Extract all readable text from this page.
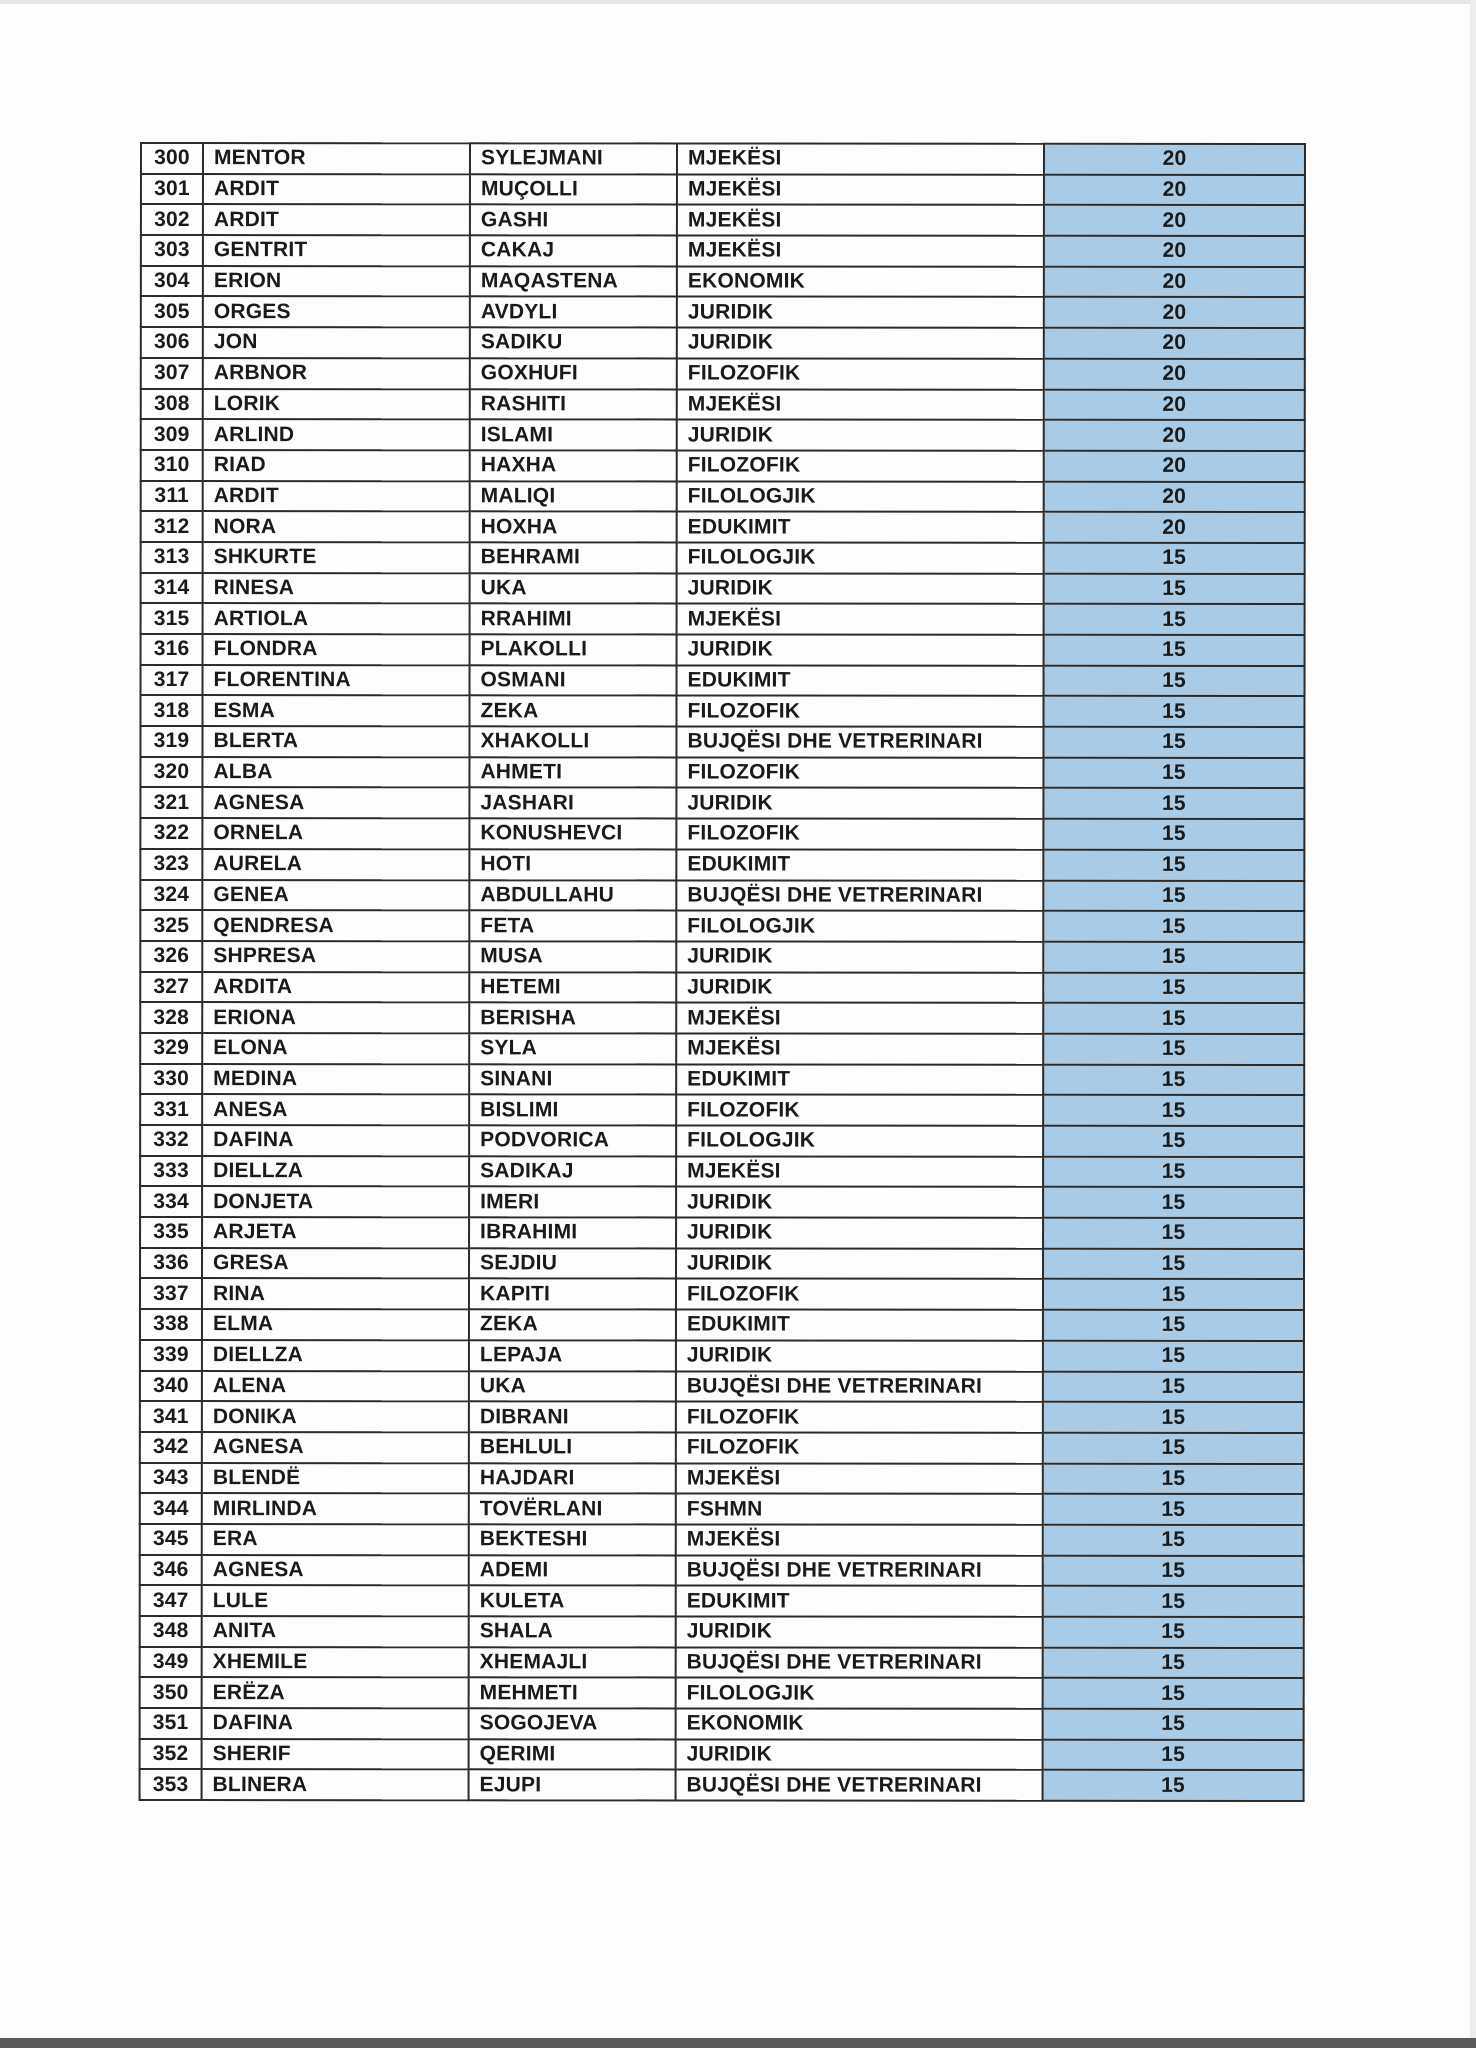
300	MENTOR	SYLEJMANI	MJEKËSI	20
301	ARDIT	MUÇOLLI	MJEKËSI	20
302	ARDIT	GASHI	MJEKËSI	20
303	GENTRIT	CAKAJ	MJEKËSI	20
304	ERION	MAQASTENA	EKONOMIK	20
305	ORGES	AVDYLI	JURIDIK	20
306	JON	SADIKU	JURIDIK	20
307	ARBNOR	GOXHUFI	FILOZOFIK	20
308	LORIK	RASHITI	MJEKËSI	20
309	ARLIND	ISLAMI	JURIDIK	20
310	RIAD	HAXHA	FILOZOFIK	20
311	ARDIT	MALIQI	FILOLOGJIK	20
312	NORA	HOXHA	EDUKIMIT	20
313	SHKURTE	BEHRAMI	FILOLOGJIK	15
314	RINESA	UKA	JURIDIK	15
315	ARTIOLA	RRAHIMI	MJEKËSI	15
316	FLONDRA	PLAKOLLI	JURIDIK	15
317	FLORENTINA	OSMANI	EDUKIMIT	15
318	ESMA	ZEKA	FILOZOFIK	15
319	BLERTA	XHAKOLLI	BUJQËSI DHE VETRERINARI	15
320	ALBA	AHMETI	FILOZOFIK	15
321	AGNESA	JASHARI	JURIDIK	15
322	ORNELA	KONUSHEVCI	FILOZOFIK	15
323	AURELA	HOTI	EDUKIMIT	15
324	GENEA	ABDULLAHU	BUJQËSI DHE VETRERINARI	15
325	QENDRESA	FETA	FILOLOGJIK	15
326	SHPRESA	MUSA	JURIDIK	15
327	ARDITA	HETEMI	JURIDIK	15
328	ERIONA	BERISHA	MJEKËSI	15
329	ELONA	SYLA	MJEKËSI	15
330	MEDINA	SINANI	EDUKIMIT	15
331	ANESA	BISLIMI	FILOZOFIK	15
332	DAFINA	PODVORICA	FILOLOGJIK	15
333	DIELLZA	SADIKAJ	MJEKËSI	15
334	DONJETA	IMERI	JURIDIK	15
335	ARJETA	IBRAHIMI	JURIDIK	15
336	GRESA	SEJDIU	JURIDIK	15
337	RINA	KAPITI	FILOZOFIK	15
338	ELMA	ZEKA	EDUKIMIT	15
339	DIELLZA	LEPAJA	JURIDIK	15
340	ALENA	UKA	BUJQËSI DHE VETRERINARI	15
341	DONIKA	DIBRANI	FILOZOFIK	15
342	AGNESA	BEHLULI	FILOZOFIK	15
343	BLENDË	HAJDARI	MJEKËSI	15
344	MIRLINDA	TOVËRLANI	FSHMN	15
345	ERA	BEKTESHI	MJEKËSI	15
346	AGNESA	ADEMI	BUJQËSI DHE VETRERINARI	15
347	LULE	KULETA	EDUKIMIT	15
348	ANITA	SHALA	JURIDIK	15
349	XHEMILE	XHEMAJLI	BUJQËSI DHE VETRERINARI	15
350	ERËZA	MEHMETI	FILOLOGJIK	15
351	DAFINA	SOGOJEVA	EKONOMIK	15
352	SHERIF	QERIMI	JURIDIK	15
353	BLINERA	EJUPI	BUJQËSI DHE VETRERINARI	15
